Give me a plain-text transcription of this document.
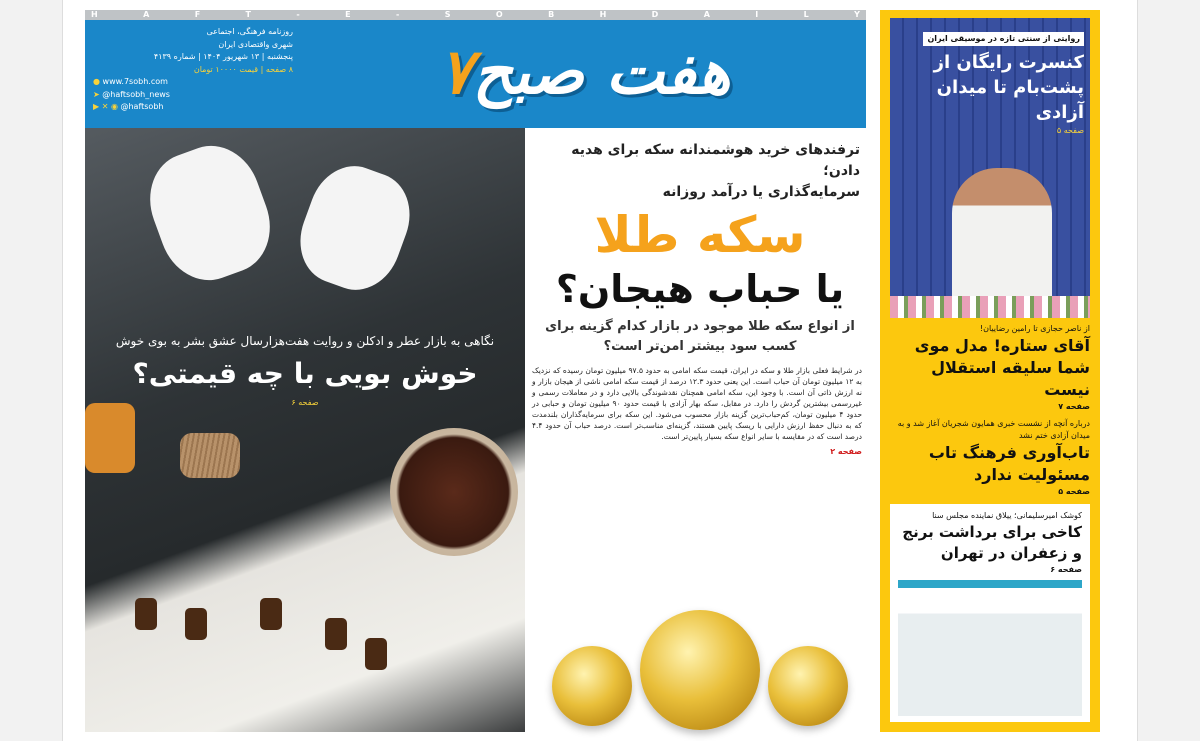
H	A	F	T	-	E	-	S	O	B	H	D	A	I	L	Y
روزنامه فرهنگی، اجتماعی
شهری واقتصادی ایران
پنجشنبه | ۱۳ شهریور ۱۴۰۴ | شماره ۴۱۳۹
۸ صفحه | قیمت ۱۰۰۰۰ تومان
● www.7sobh.com
➤ @haftsobh_news
▶ ✕ ◉ @haftsobh	هفت صبح۷
نگاهی به بازار عطر و ادکلن و روایت هفت‌هزارسال عشق بشر به بوی خوش
خوش بویی با چه قیمتی؟
صفحه ۶
ترفندهای خرید هوشمندانه سکه برای هدیه دادن؛
سرمایه‌گذاری یا درآمد روزانه
سکه طلا
یا حباب هیجان؟
از انواع سکه طلا موجود در بازار کدام گزینه برای کسب سود بیشتر امن‌تر است؟

در شرایط فعلی بازار طلا و سکه در ایران، قیمت سکه امامی به حدود ۹۷.۵ میلیون تومان رسیده که نزدیک به ۱۲ میلیون تومان آن حباب است. این یعنی حدود ۱۲.۳ درصد از قیمت سکه امامی ناشی از هیجان بازار و نه ارزش ذاتی آن است. با وجود این، سکه امامی همچنان نقدشوندگی بالایی دارد و در معاملات رسمی و غیررسمی بیشترین گردش را دارد. در مقابل، سکه بهار آزادی با قیمت حدود ۹۰ میلیون تومان و حبابی در حدود ۴ میلیون تومان، کم‌حباب‌ترین گزینه بازار محسوب می‌شود. این سکه برای سرمایه‌گذاران بلندمدت که به دنبال حفظ ارزش دارایی با ریسک پایین هستند، گزینه‌ای مناسب‌تر است. درصد حباب آن حدود ۴.۴ درصد است که در مقایسه با سایر انواع سکه بسیار پایین‌تر است.

صفحه ۲

روایتی از سنتی تازه در موسیقی ایران
کنسرت رایگان از پشت‌بام تا میدان آزادی
صفحه ۵
از ناصر حجازی تا رامین رضاییان!
آقای ستاره! مدل موی شما سلیقه استقلال نیست
صفحه ۷
درباره آنچه از نشست خبری همایون شجریان آغاز شد و به میدان آزادی ختم نشد
تاب‌آوری فرهنگ تاب مسئولیت ندارد
صفحه ۵
کوشک امیرسلیمانی؛ ییلاق نماینده مجلس سنا
کاخی برای برداشت برنج و زعفران در تهران
صفحه ۶
